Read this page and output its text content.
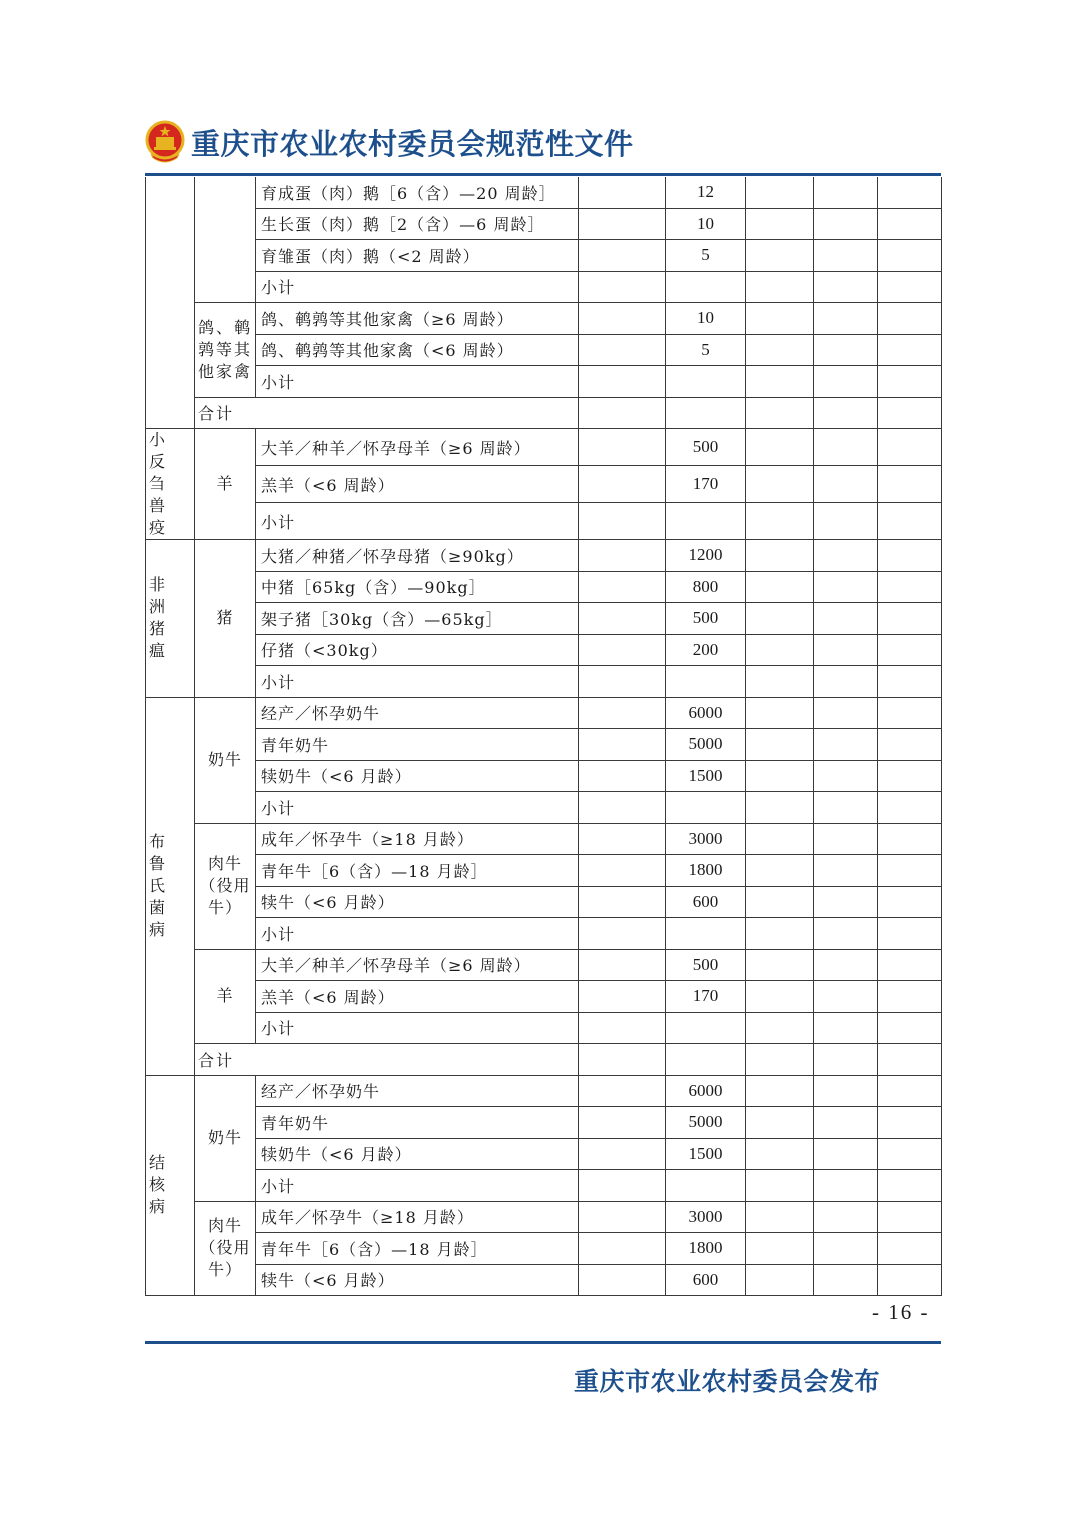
重庆市农业农村委员会规范性文件
		育成蛋（肉）鹅［6（含）—20 周龄］		12			
		生长蛋（肉）鹅［2（含）—6 周龄］		10			
		育雏蛋（肉）鹅（<2 周龄）		5			
		小计					
	鸽、鹌鹑等其他家禽	鸽、鹌鹑等其他家禽（≥6 周龄）		10			
		鸽、鹌鹑等其他家禽（<6 周龄）		5			
		小计					
	合计						
小反刍兽疫	羊	大羊／种羊／怀孕母羊（≥6 周龄）		500			
		羔羊（<6 周龄）		170			
		小计					
非洲猪瘟	猪	大猪／种猪／怀孕母猪（≥90kg）		1200			
		中猪［65kg（含）—90kg］		800			
		架子猪［30kg（含）—65kg］		500			
		仔猪（<30kg）		200			
		小计					
布鲁氏菌病	奶牛	经产／怀孕奶牛		6000			
		青年奶牛		5000			
		犊奶牛（<6 月龄）		1500			
		小计					
	肉牛（役用牛）	成年／怀孕牛（≥18 月龄）		3000			
		青年牛［6（含）—18 月龄］		1800			
		犊牛（<6 月龄）		600			
		小计					
	羊	大羊／种羊／怀孕母羊（≥6 周龄）		500			
		羔羊（<6 周龄）		170			
		小计					
	合计						
结核病	奶牛	经产／怀孕奶牛		6000			
		青年奶牛		5000			
		犊奶牛（<6 月龄）		1500			
		小计					
	肉牛（役用牛）	成年／怀孕牛（≥18 月龄）		3000			
		青年牛［6（含）—18 月龄］		1800			
		犊牛（<6 月龄）		600			
- 16 -
重庆市农业农村委员会发布
